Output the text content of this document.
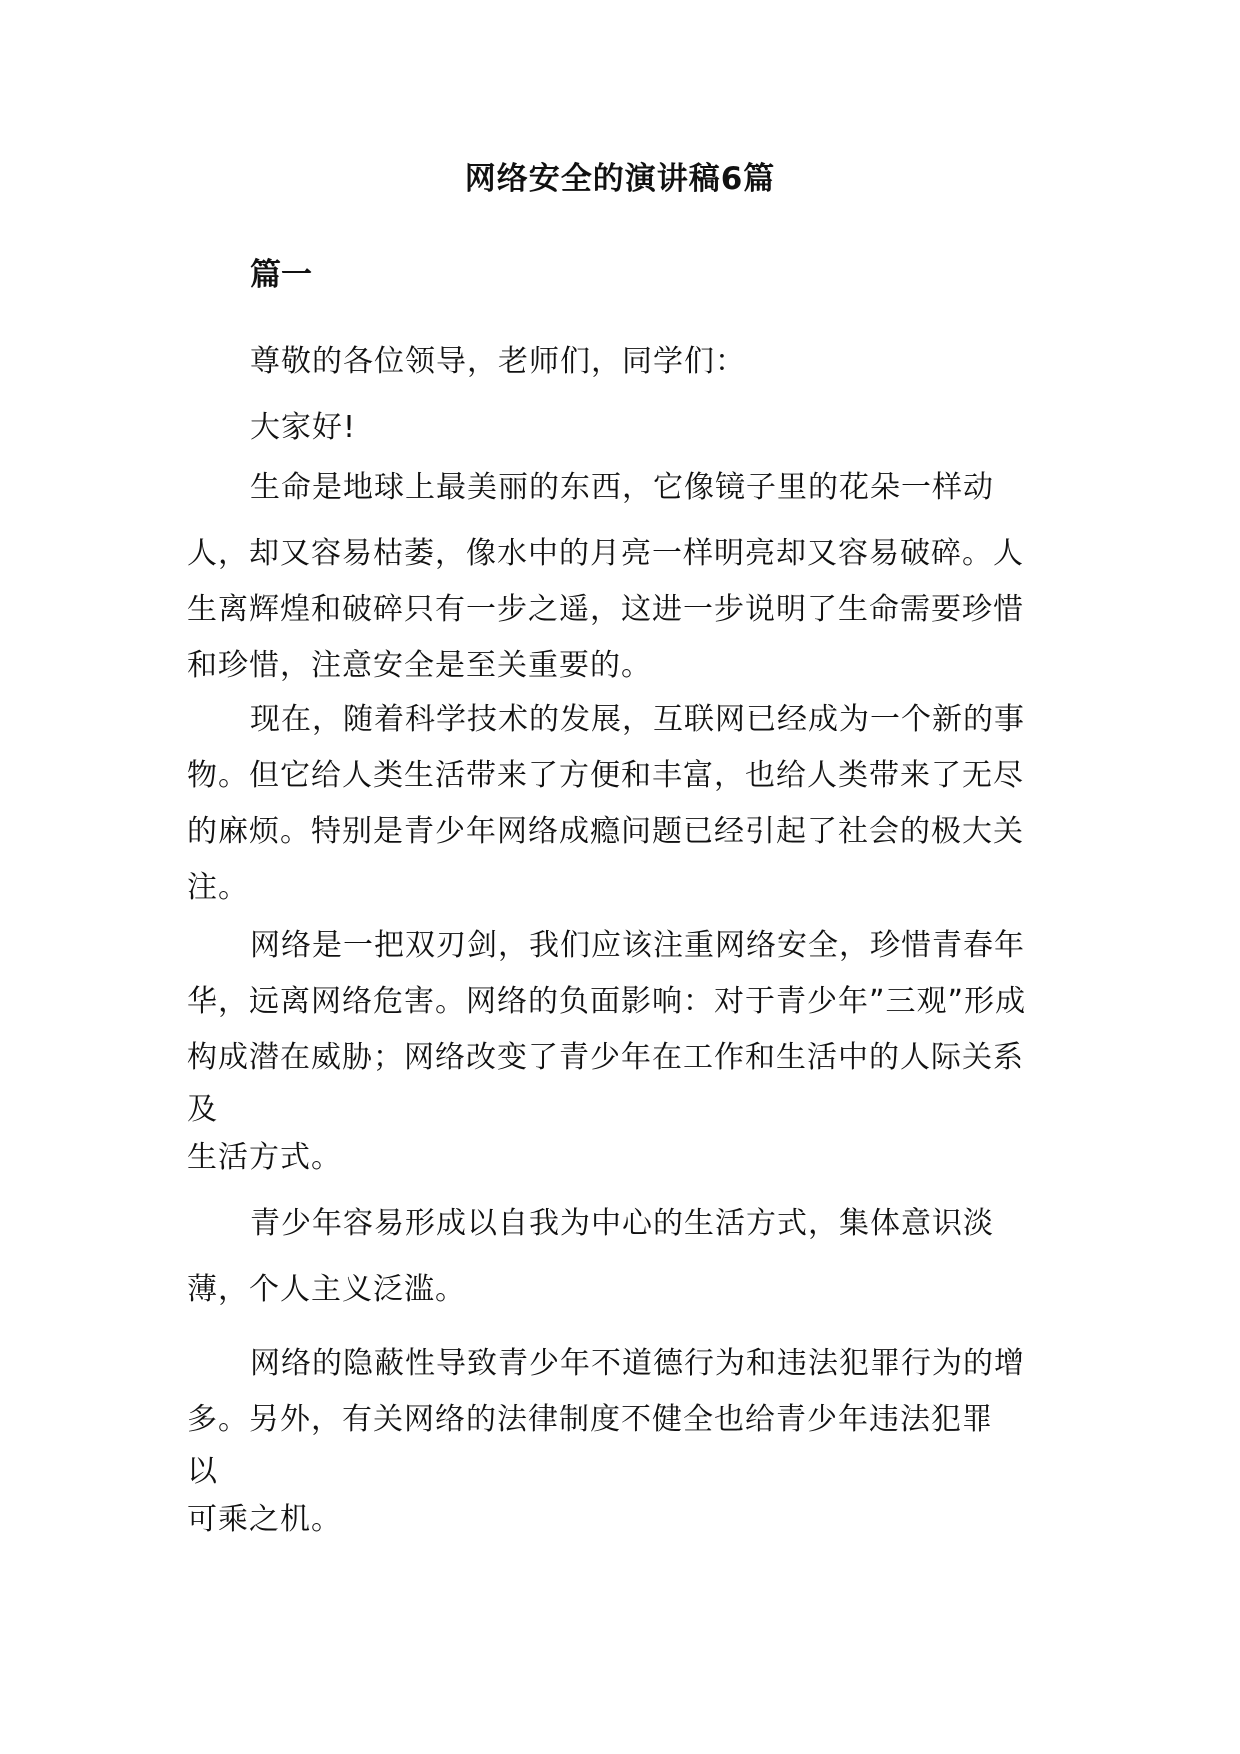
网络安全的演讲稿6篇
篇一

尊敬的各位领导，老师们，同学们：

大家好!

生命是地球上最美丽的东西，它像镜子里的花朵一样动

人，却又容易枯萎，像水中的月亮一样明亮却又容易破碎。人
生离辉煌和破碎只有一步之遥，这进一步说明了生命需要珍惜
和珍惜，注意安全是至关重要的。
现在，随着科学技术的发展，互联网已经成为一个新的事
物。但它给人类生活带来了方便和丰富，也给人类带来了无尽
的麻烦。特别是青少年网络成瘾问题已经引起了社会的极大关
注。
网络是一把双刃剑，我们应该注重网络安全，珍惜青春年
华，远离网络危害。网络的负面影响：对于青少年”三观”形成
构成潜在威胁；网络改变了青少年在工作和生活中的人际关系
及
生活方式。

青少年容易形成以自我为中心的生活方式，集体意识淡

薄，个人主义泛滥。

网络的隐蔽性导致青少年不道德行为和违法犯罪行为的增
多。另外，有关网络的法律制度不健全也给青少年违法犯罪
以
可乘之机。
